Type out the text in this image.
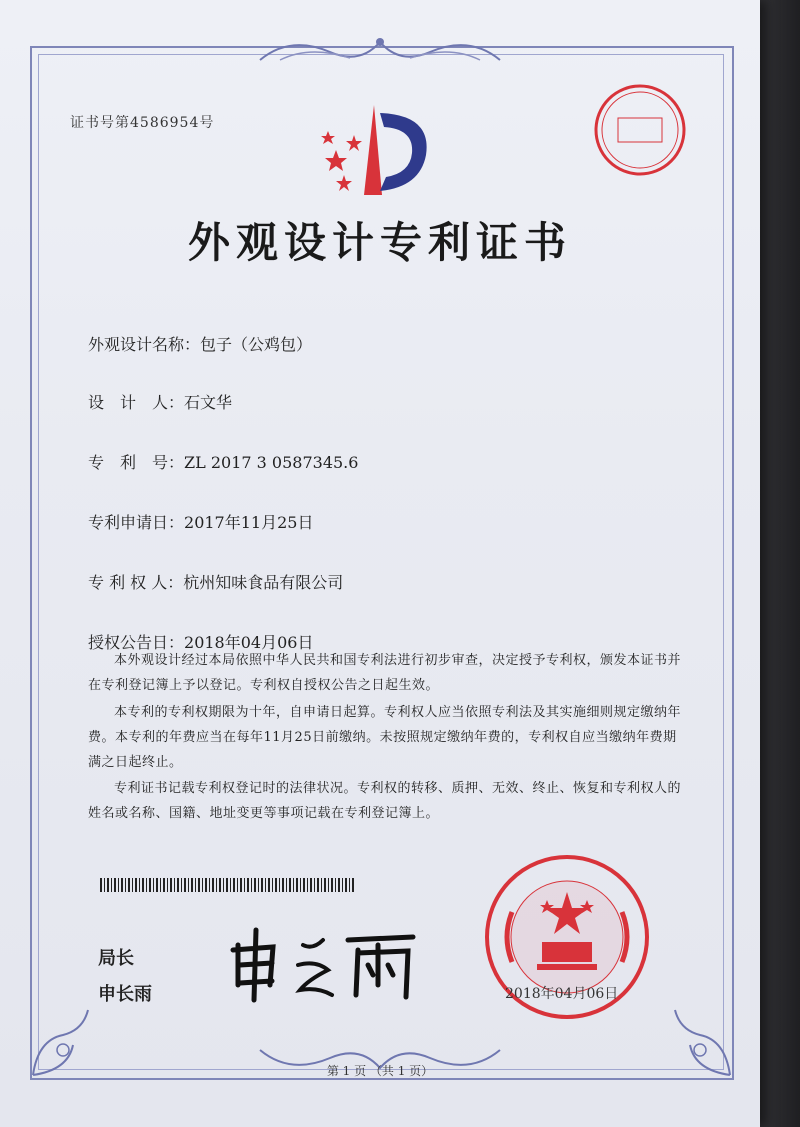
证书号第4586954号
外观设计专利证书
外观设计名称：包子（公鸡包）
设　计　人：石文华
专　利　号：ZL 2017 3 0587345.6
专利申请日：2017年11月25日
专 利 权 人：杭州知味食品有限公司
授权公告日：2018年04月06日
本外观设计经过本局依照中华人民共和国专利法进行初步审查，决定授予专利权，颁发本证书并在专利登记簿上予以登记。专利权自授权公告之日起生效。
本专利的专利权期限为十年，自申请日起算。专利权人应当依照专利法及其实施细则规定缴纳年费。本专利的年费应当在每年11月25日前缴纳。未按照规定缴纳年费的，专利权自应当缴纳年费期满之日起终止。
专利证书记载专利权登记时的法律状况。专利权的转移、质押、无效、终止、恢复和专利权人的姓名或名称、国籍、地址变更等事项记载在专利登记簿上。
局长
申长雨	2018年04月06日
第 1 页 （共 1 页）
